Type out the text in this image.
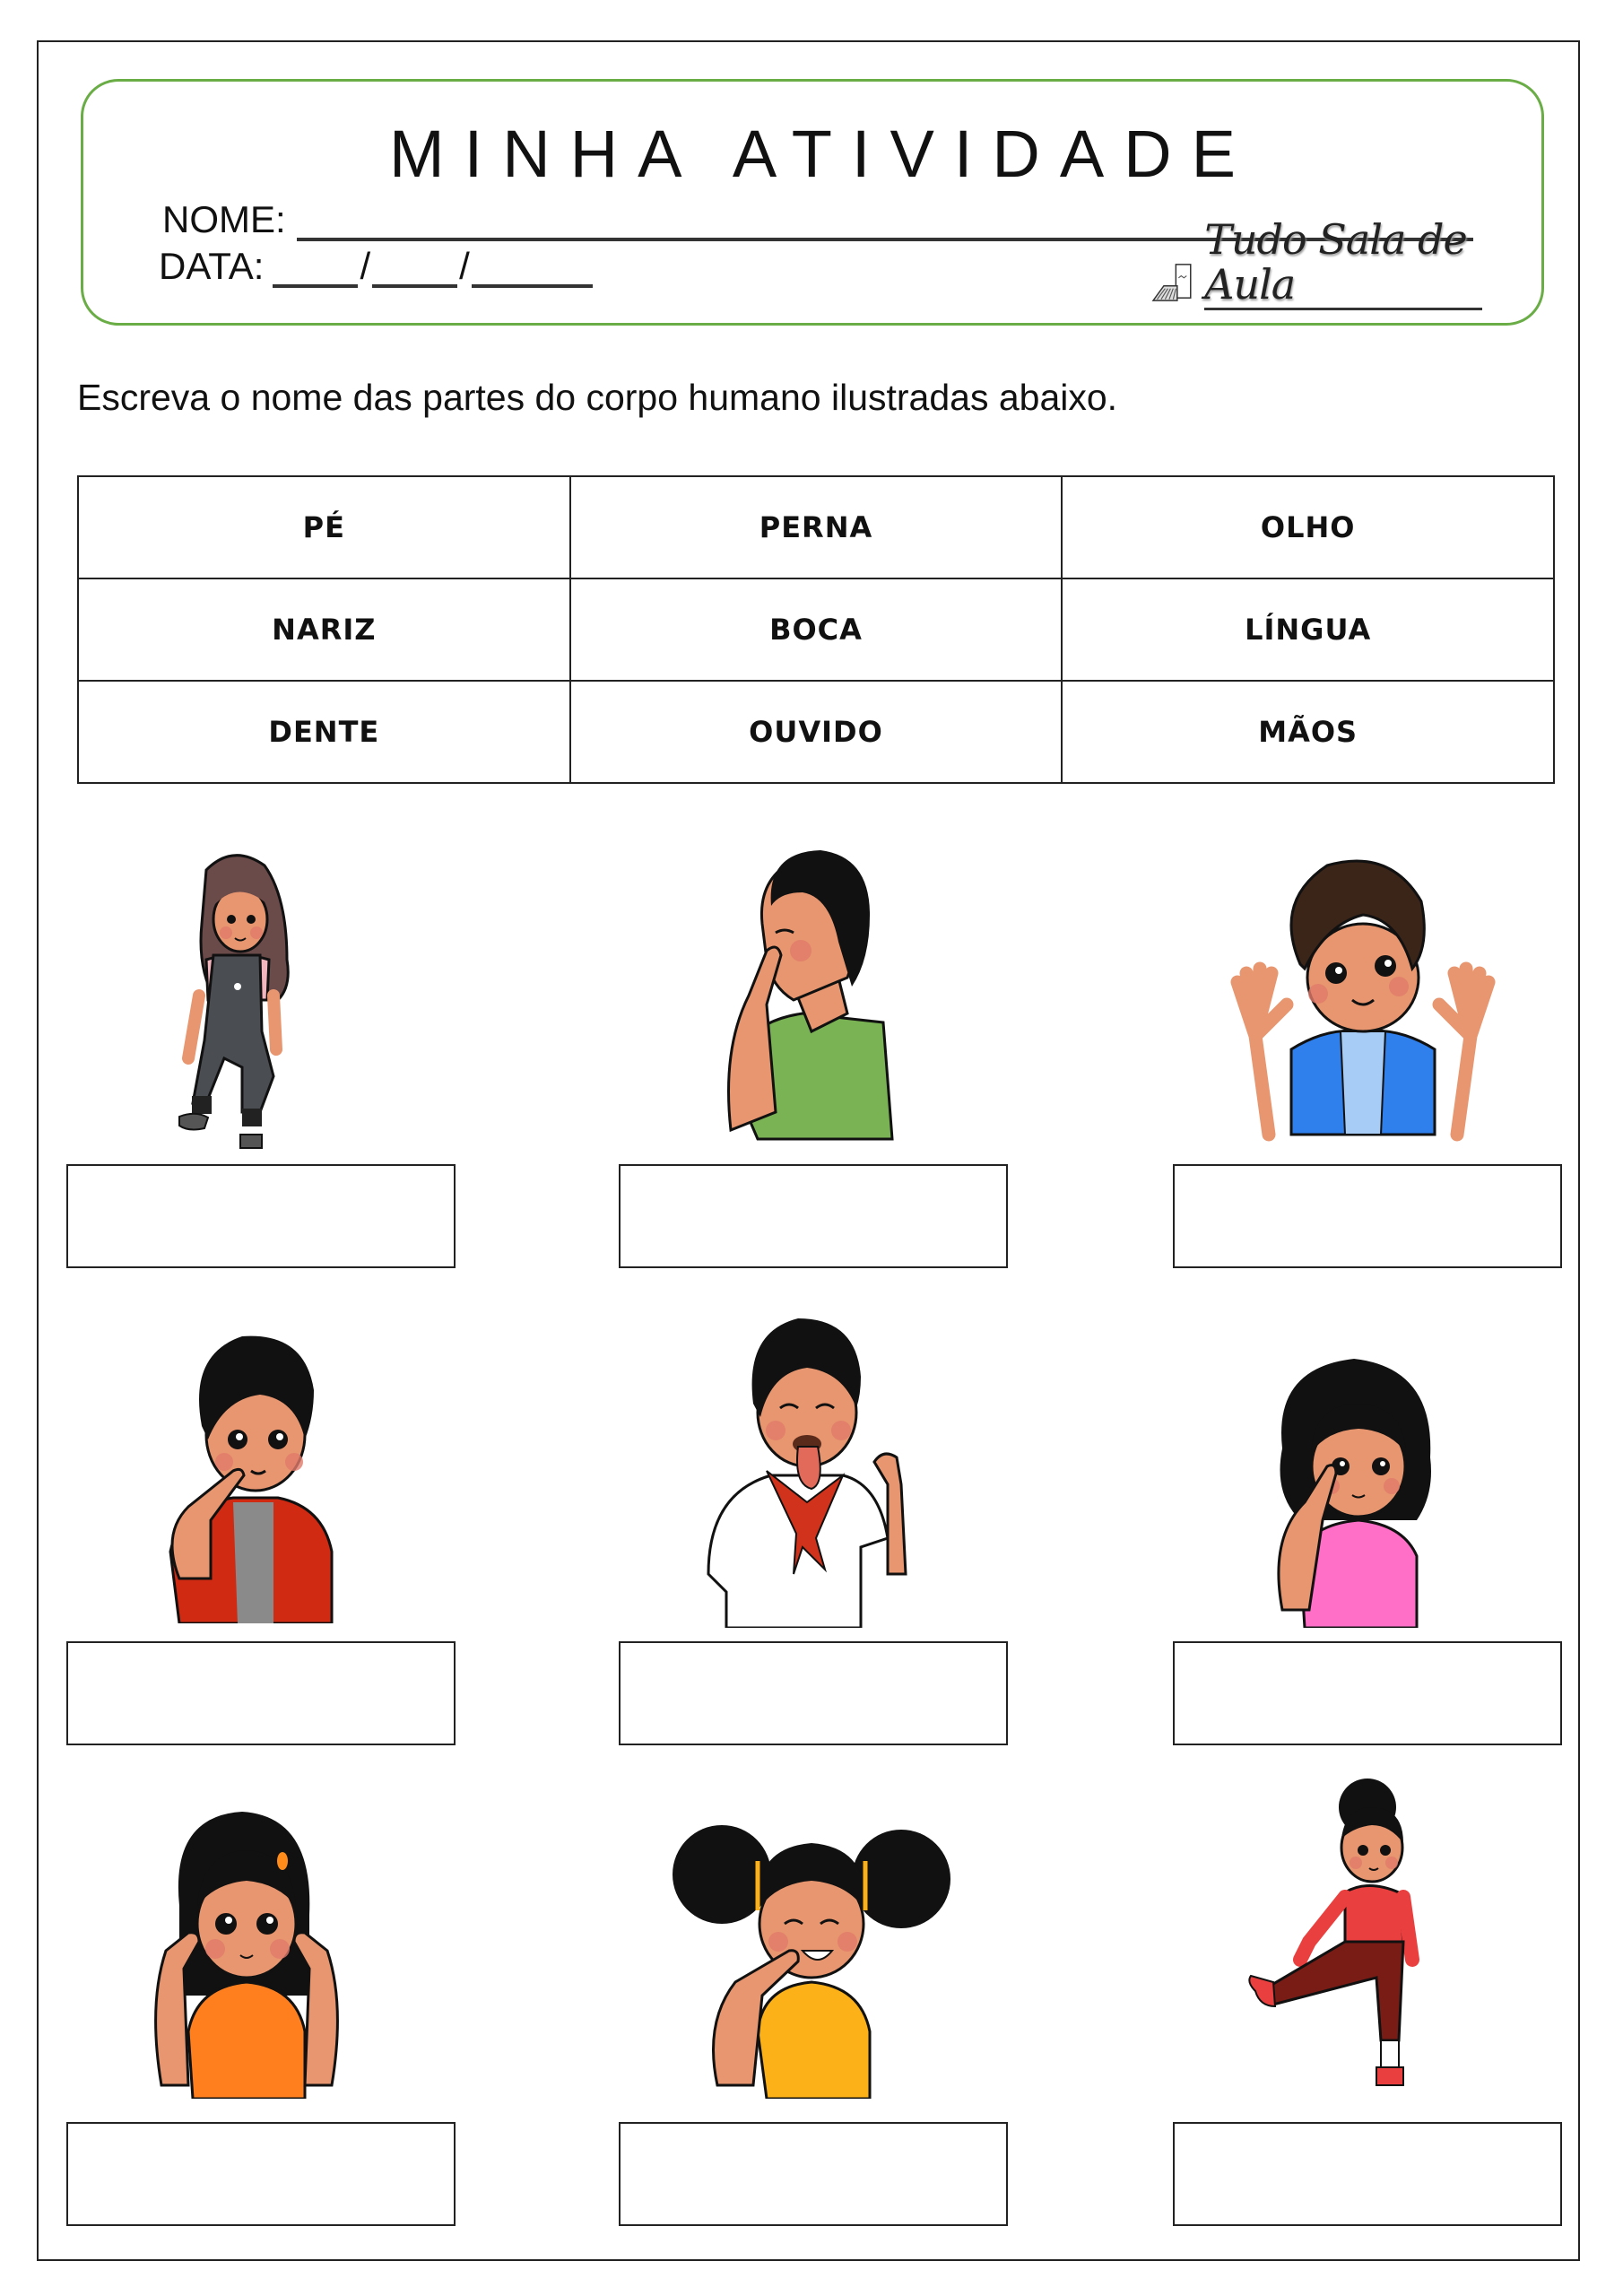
MINHA ATIVIDADE
NOME:
DATA:	/ /
Tudo Sala de Aula
Escreva o nome das partes do corpo humano ilustradas abaixo.
PÉ	PERNA	OLHO
NARIZ	BOCA	LÍNGUA
DENTE	OUVIDO	MÃOS
